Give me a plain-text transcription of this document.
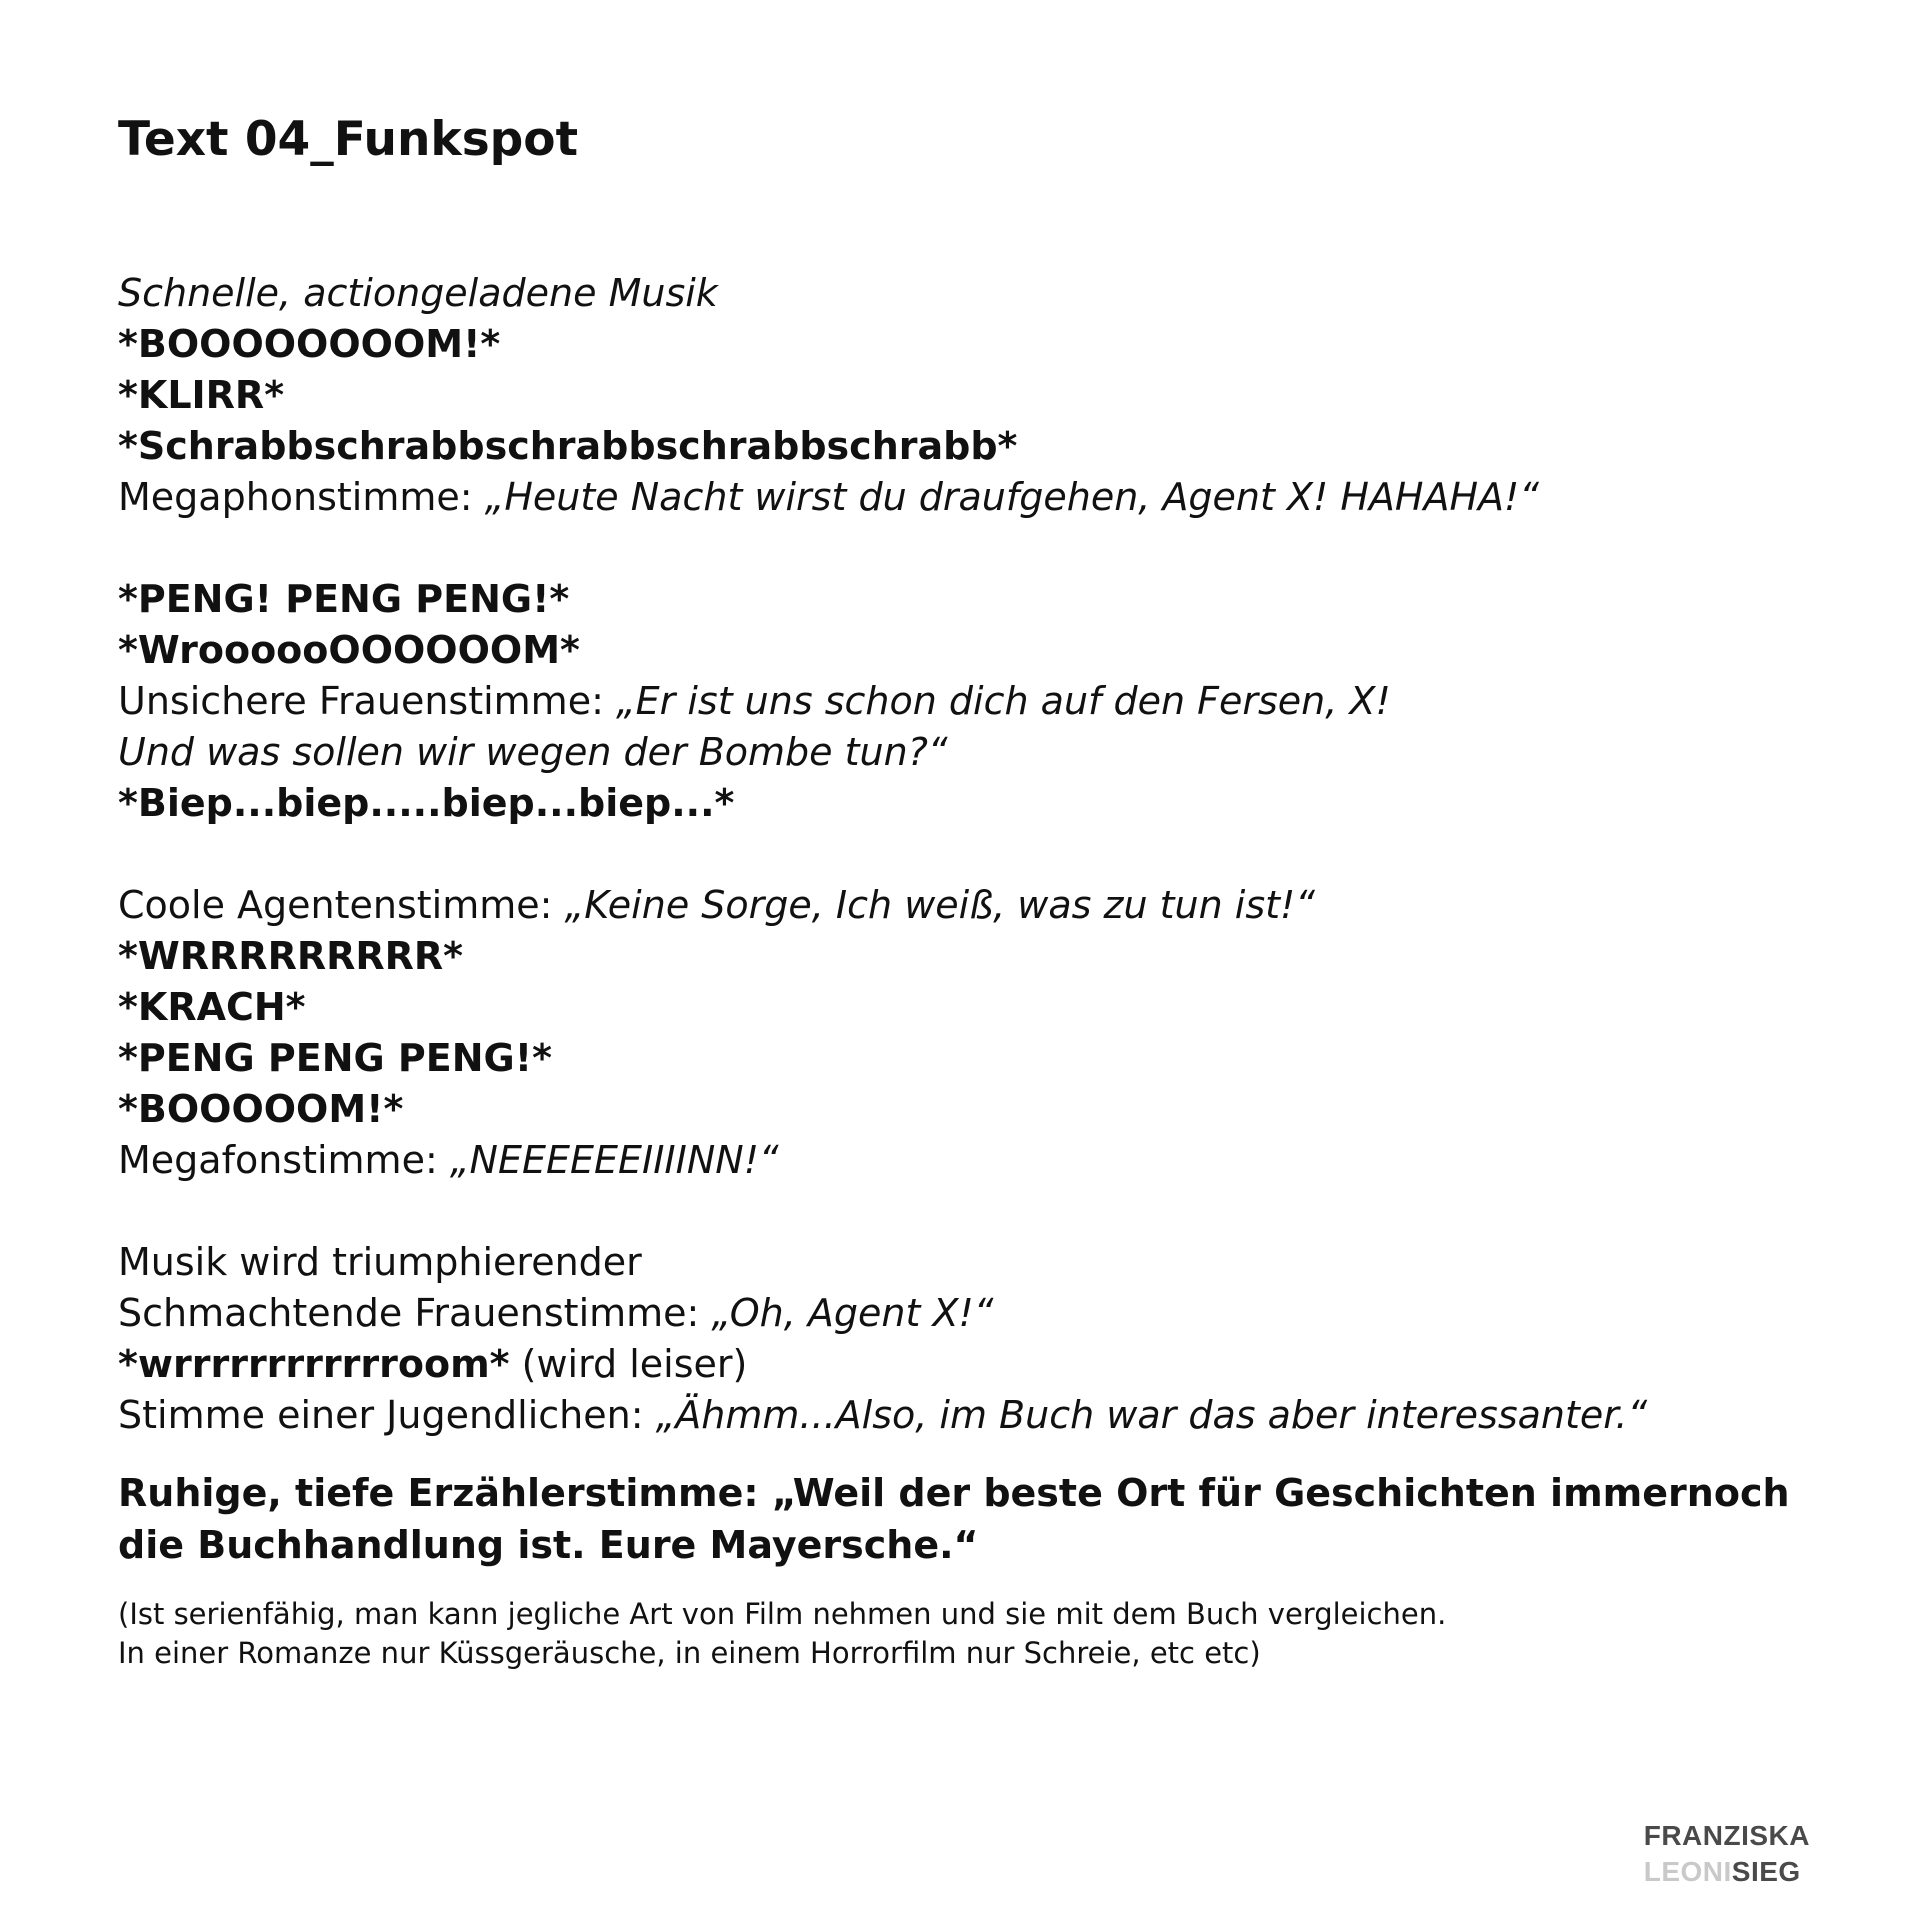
Text 04_Funkspot
Schnelle, actiongeladene Musik
*BOOOOOOOOM!*
*KLIRR*
*Schrabbschrabbschrabbschrabbschrabb*
Megaphonstimme: „Heute Nacht wirst du draufgehen, Agent X! HAHAHA!“
*PENG! PENG PENG!*
*WroooooOOOOOOM*
Unsichere Frauenstimme: „Er ist uns schon dich auf den Fersen, X!
Und was sollen wir wegen der Bombe tun?“
*Biep...biep.....biep...biep...*
Coole Agentenstimme: „Keine Sorge, Ich weiß, was zu tun ist!“
*WRRRRRRRRR*
*KRACH*
*PENG PENG PENG!*
*BOOOOOM!*
Megafonstimme: „NEEEEEEIIIINN!“
Musik wird triumphierender
Schmachtende Frauenstimme: „Oh, Agent X!“
*wrrrrrrrrrrrroom* (wird leiser)
Stimme einer Jugendlichen: „Ähmm...Also, im Buch war das aber interessanter.“
Ruhige, tiefe Erzählerstimme: „Weil der beste Ort für Geschichten immernoch
die Buchhandlung ist. Eure Mayersche.“
(Ist serienfähig, man kann jegliche Art von Film nehmen und sie mit dem Buch vergleichen.
In einer Romanze nur Küssgeräusche, in einem Horrorfilm nur Schreie, etc etc)
FRANZISKA
LEONISIEG
